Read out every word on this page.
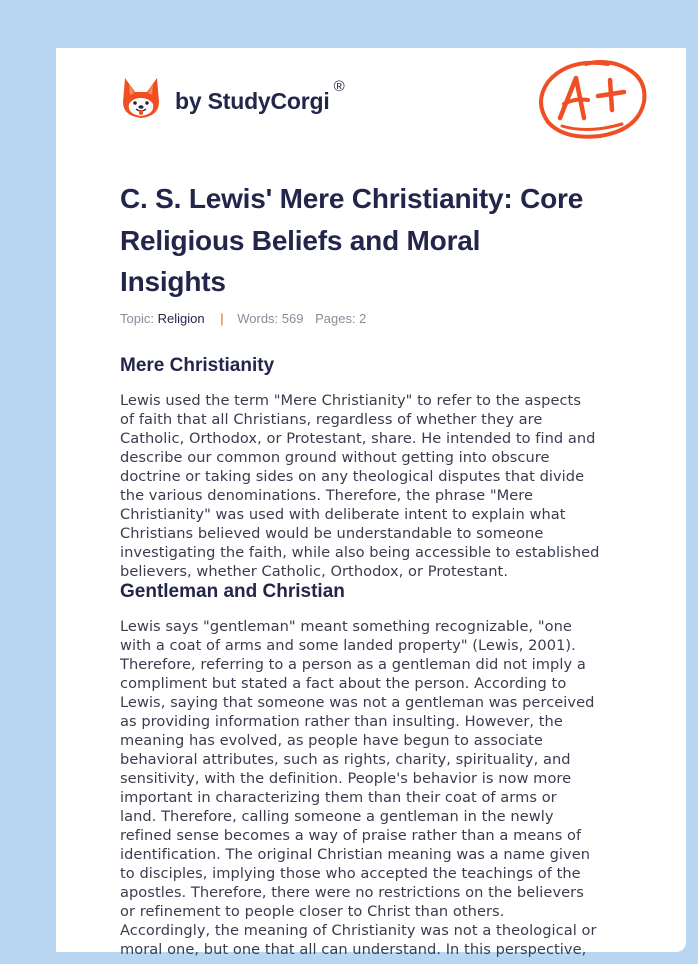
by StudyCorgi
®
C. S. Lewis' Mere Christianity: Core
Religious Beliefs and Moral
Insights
Topic: Religion | Words: 569 Pages: 2
Mere Christianity

Lewis used the term "Mere Christianity" to refer to the aspects
of faith that all Christians, regardless of whether they are
Catholic, Orthodox, or Protestant, share. He intended to find and
describe our common ground without getting into obscure
doctrine or taking sides on any theological disputes that divide
the various denominations. Therefore, the phrase "Mere
Christianity" was used with deliberate intent to explain what
Christians believed would be understandable to someone
investigating the faith, while also being accessible to established
believers, whether Catholic, Orthodox, or Protestant.

Gentleman and Christian

Lewis says "gentleman" meant something recognizable, "one
with a coat of arms and some landed property" (Lewis, 2001).
Therefore, referring to a person as a gentleman did not imply a
compliment but stated a fact about the person. According to
Lewis, saying that someone was not a gentleman was perceived
as providing information rather than insulting. However, the
meaning has evolved, as people have begun to associate
behavioral attributes, such as rights, charity, spirituality, and
sensitivity, with the definition. People's behavior is now more
important in characterizing them than their coat of arms or
land. Therefore, calling someone a gentleman in the newly
refined sense becomes a way of praise rather than a means of
identification. The original Christian meaning was a name given
to disciples, implying those who accepted the teachings of the
apostles. Therefore, there were no restrictions on the believers
or refinement to people closer to Christ than others.
Accordingly, the meaning of Christianity was not a theological or
moral one, but one that all can understand. In this perspective,
